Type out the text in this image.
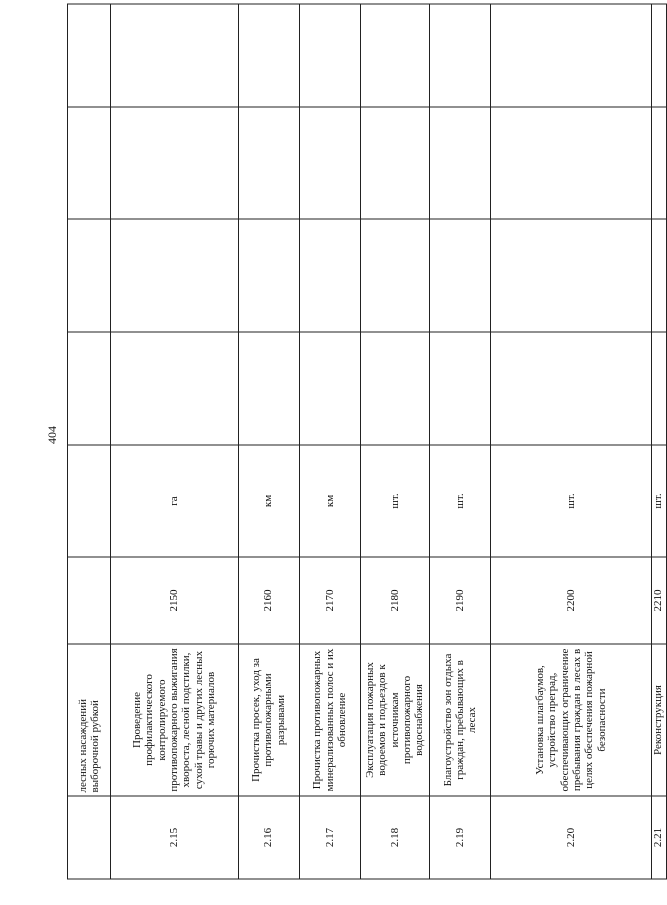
404
	лесных насаждений выборочной рубкой						
2.15	Проведение профилактического контролируемого противопожарного выжигания хвороста, лесной подстилки, сухой травы и других лесных горючих материалов	2150	га				
2.16	Прочистка просек, уход за противопожарными разрывами	2160	км				
2.17	Прочистка противопожарных минерализованных полос и их обновление	2170	км				
2.18	Эксплуатация пожарных водоемов и подъездов к источникам противопожарного водоснабжения	2180	шт.				
2.19	Благоустройство зон отдыха граждан, пребывающих в лесах	2190	шт.				
2.20	Установка шлагбаумов, устройство преград, обеспечивающих ограничение пребывания граждан в лесах в целях обеспечения пожарной безопасности	2200	шт.				
2.21	Реконструкция	2210	шт.				
